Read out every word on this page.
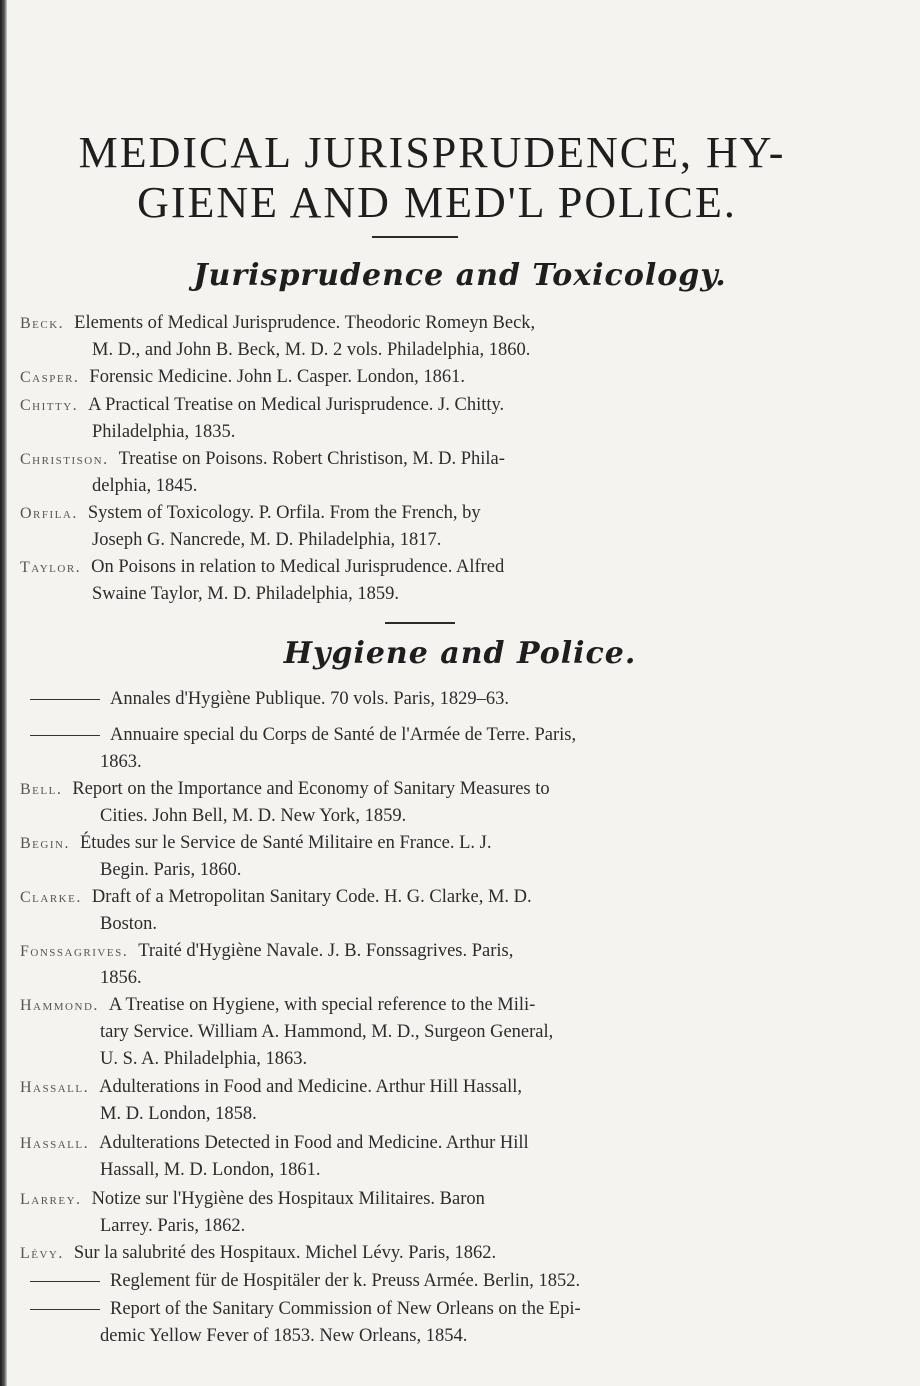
MEDICAL JURISPRUDENCE, HY-
GIENE AND MED'L POLICE.
Jurisprudence and Toxicology.
Beck. Elements of Medical Jurisprudence. Theodoric Romeyn Beck,
M. D., and John B. Beck, M. D. 2 vols. Philadelphia, 1860.
Casper. Forensic Medicine. John L. Casper. London, 1861.
Chitty. A Practical Treatise on Medical Jurisprudence. J. Chitty.
Philadelphia, 1835.
Christison. Treatise on Poisons. Robert Christison, M. D. Phila-
delphia, 1845.
Orfila. System of Toxicology. P. Orfila. From the French, by
Joseph G. Nancrede, M. D. Philadelphia, 1817.
Taylor. On Poisons in relation to Medical Jurisprudence. Alfred
Swaine Taylor, M. D. Philadelphia, 1859.
Hygiene and Police.
Annales d'Hygiène Publique. 70 vols. Paris, 1829–63.
Annuaire special du Corps de Santé de l'Armée de Terre. Paris,
1863.
Bell. Report on the Importance and Economy of Sanitary Measures to
Cities. John Bell, M. D. New York, 1859.
Begin. Études sur le Service de Santé Militaire en France. L. J.
Begin. Paris, 1860.
Clarke. Draft of a Metropolitan Sanitary Code. H. G. Clarke, M. D.
Boston.
Fonssagrives. Traité d'Hygiène Navale. J. B. Fonssagrives. Paris,
1856.
Hammond. A Treatise on Hygiene, with special reference to the Mili-
tary Service. William A. Hammond, M. D., Surgeon General,
U. S. A. Philadelphia, 1863.
Hassall. Adulterations in Food and Medicine. Arthur Hill Hassall,
M. D. London, 1858.
Hassall. Adulterations Detected in Food and Medicine. Arthur Hill
Hassall, M. D. London, 1861.
Larrey. Notize sur l'Hygiène des Hospitaux Militaires. Baron
Larrey. Paris, 1862.
Lévy. Sur la salubrité des Hospitaux. Michel Lévy. Paris, 1862.
Reglement für de Hospitäler der k. Preuss Armée. Berlin, 1852.
Report of the Sanitary Commission of New Orleans on the Epi-
demic Yellow Fever of 1853. New Orleans, 1854.
